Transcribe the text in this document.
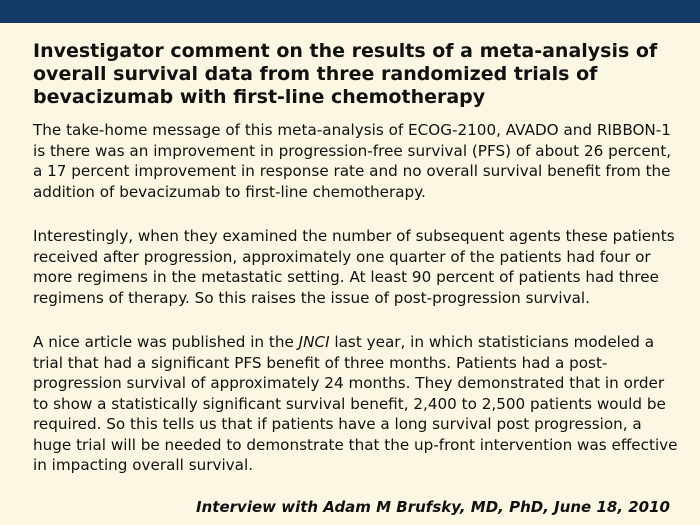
Investigator comment on the results of a meta-analysis of overall survival data from three randomized trials of bevacizumab with first-line chemotherapy

The take-home message of this meta-analysis of ECOG-2100, AVADO and RIBBON-1 is there was an improvement in progression-free survival (PFS) of about 26 percent, a 17 percent improvement in response rate and no overall survival benefit from the addition of bevacizumab to first-line chemotherapy.

Interestingly, when they examined the number of subsequent agents these patients received after progression, approximately one quarter of the patients had four or more regimens in the metastatic setting. At least 90 percent of patients had three regimens of therapy. So this raises the issue of post-progression survival.

A nice article was published in the JNCI last year, in which statisticians modeled a trial that had a significant PFS benefit of three months. Patients had a post-progression survival of approximately 24 months. They demonstrated that in order to show a statistically significant survival benefit, 2,400 to 2,500 patients would be required. So this tells us that if patients have a long survival post progression, a huge trial will be needed to demonstrate that the up-front intervention was effective in impacting overall survival.

Interview with Adam M Brufsky, MD, PhD, June 18, 2010
